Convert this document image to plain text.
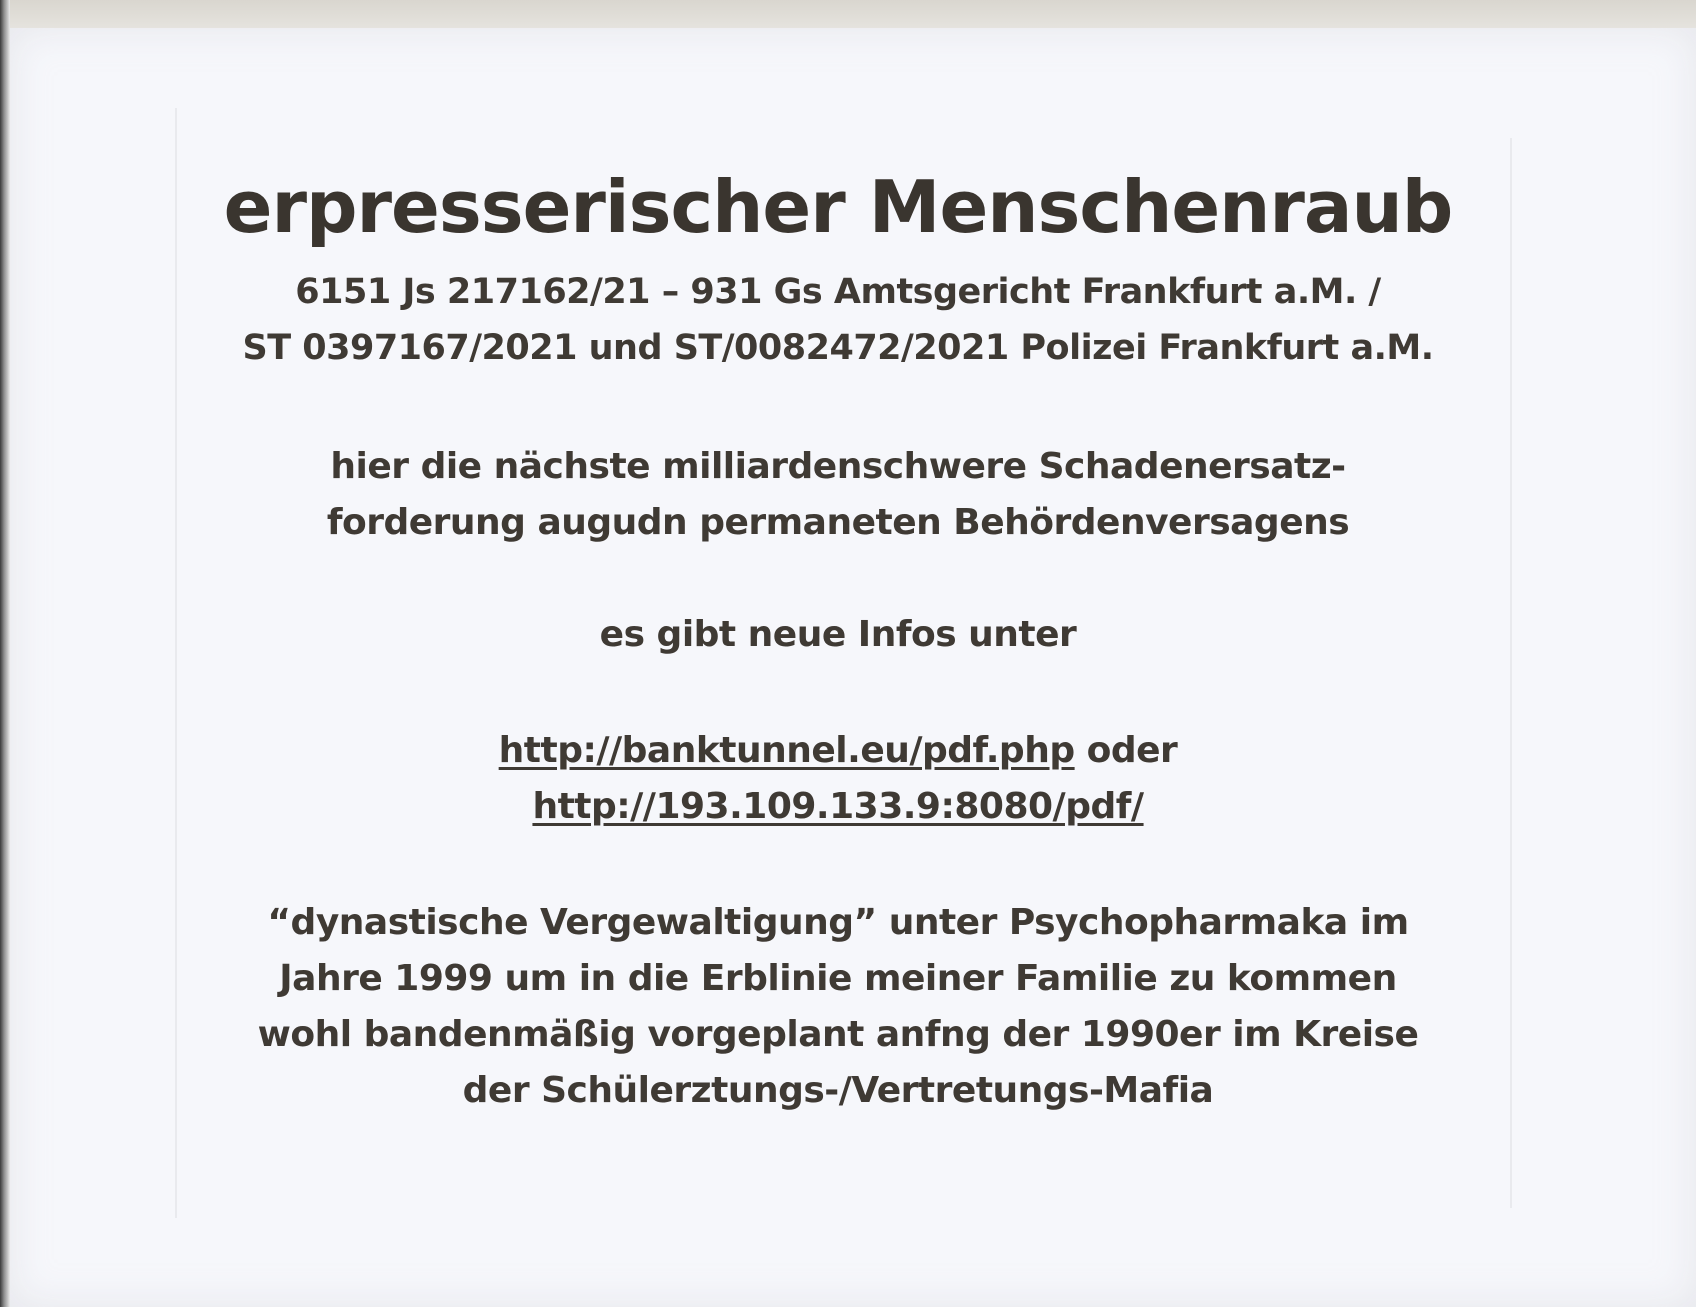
erpresserischer Menschenraub
6151 Js 217162/21 – 931 Gs Amtsgericht Frankfurt a.M. /
ST 0397167/2021 und ST/0082472/2021 Polizei Frankfurt a.M.
hier die nächste milliardenschwere Schadenersatz-
forderung augudn permaneten Behördenversagens
es gibt neue Infos unter
http://banktunnel.eu/pdf.php oder
http://193.109.133.9:8080/pdf/
“dynastische Vergewaltigung” unter Psychopharmaka im
Jahre 1999 um in die Erblinie meiner Familie zu kommen
wohl bandenmäßig vorgeplant anfng der 1990er im Kreise
der Schülerztungs-/Vertretungs-Mafia
